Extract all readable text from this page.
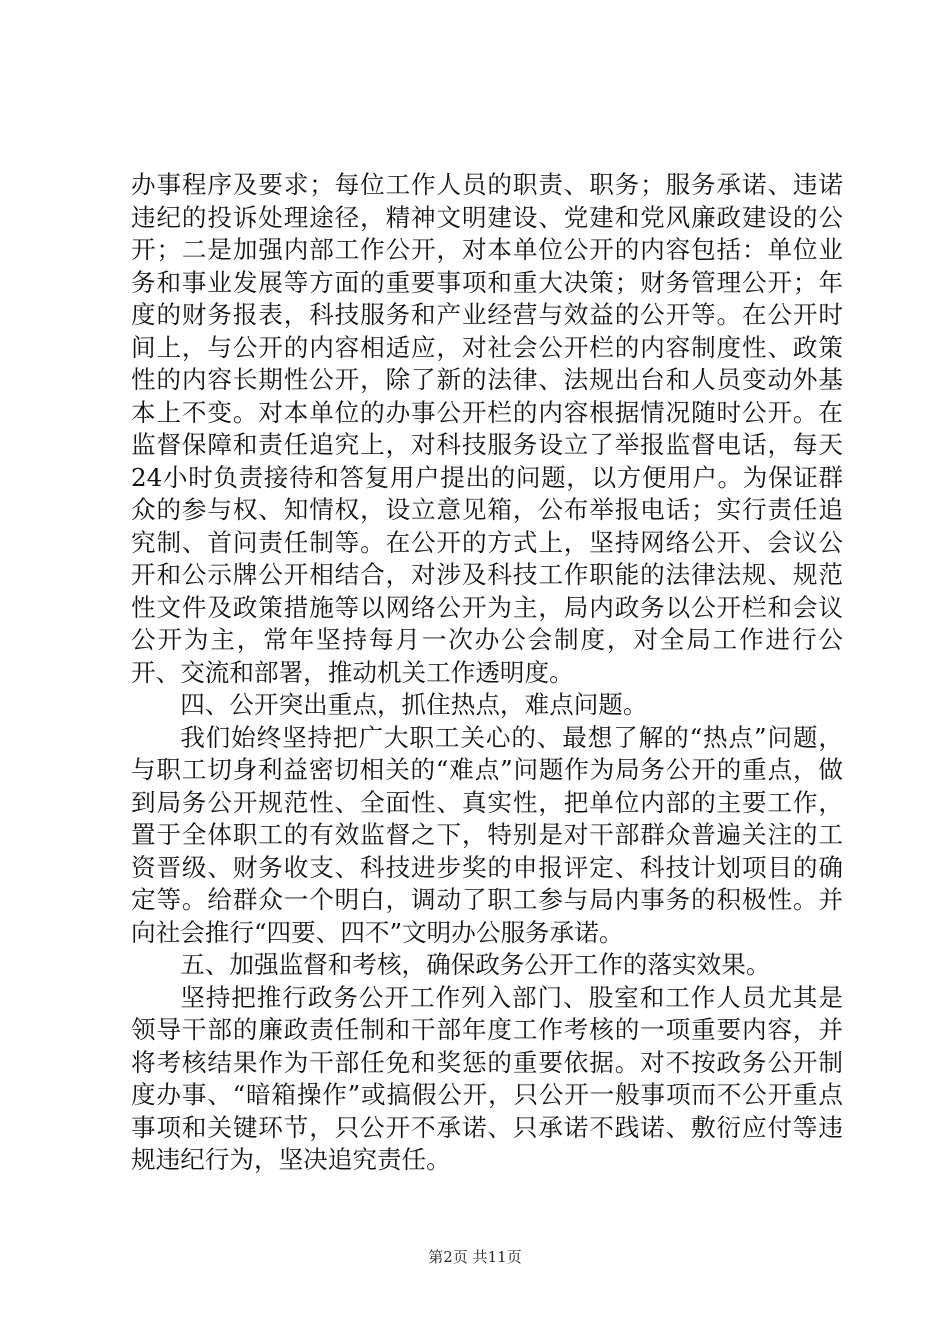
办事程序及要求；每位工作人员的职责、职务；服务承诺、违诺违纪的投诉处理途径，精神文明建设、党建和党风廉政建设的公开；二是加强内部工作公开，对本单位公开的内容包括：单位业务和事业发展等方面的重要事项和重大决策；财务管理公开；年度的财务报表，科技服务和产业经营与效益的公开等。在公开时间上，与公开的内容相适应，对社会公开栏的内容制度性、政策性的内容长期性公开，除了新的法律、法规出台和人员变动外基本上不变。对本单位的办事公开栏的内容根据情况随时公开。在监督保障和责任追究上，对科技服务设立了举报监督电话，每天24小时负责接待和答复用户提出的问题，以方便用户。为保证群众的参与权、知情权，设立意见箱，公布举报电话；实行责任追究制、首问责任制等。在公开的方式上，坚持网络公开、会议公开和公示牌公开相结合，对涉及科技工作职能的法律法规、规范性文件及政策措施等以网络公开为主，局内政务以公开栏和会议公开为主，常年坚持每月一次办公会制度，对全局工作进行公开、交流和部署，推动机关工作透明度。

四、公开突出重点，抓住热点，难点问题。

我们始终坚持把广大职工关心的、最想了解的“热点”问题，与职工切身利益密切相关的“难点”问题作为局务公开的重点，做到局务公开规范性、全面性、真实性，把单位内部的主要工作，置于全体职工的有效监督之下，特别是对干部群众普遍关注的工资晋级、财务收支、科技进步奖的申报评定、科技计划项目的确定等。给群众一个明白，调动了职工参与局内事务的积极性。并向社会推行“四要、四不”文明办公服务承诺。

五、加强监督和考核，确保政务公开工作的落实效果。

坚持把推行政务公开工作列入部门、股室和工作人员尤其是领导干部的廉政责任制和干部年度工作考核的一项重要内容，并将考核结果作为干部任免和奖惩的重要依据。对不按政务公开制度办事、“暗箱操作”或搞假公开，只公开一般事项而不公开重点事项和关键环节，只公开不承诺、只承诺不践诺、敷衍应付等违规违纪行为，坚决追究责任。

第2页 共11页
